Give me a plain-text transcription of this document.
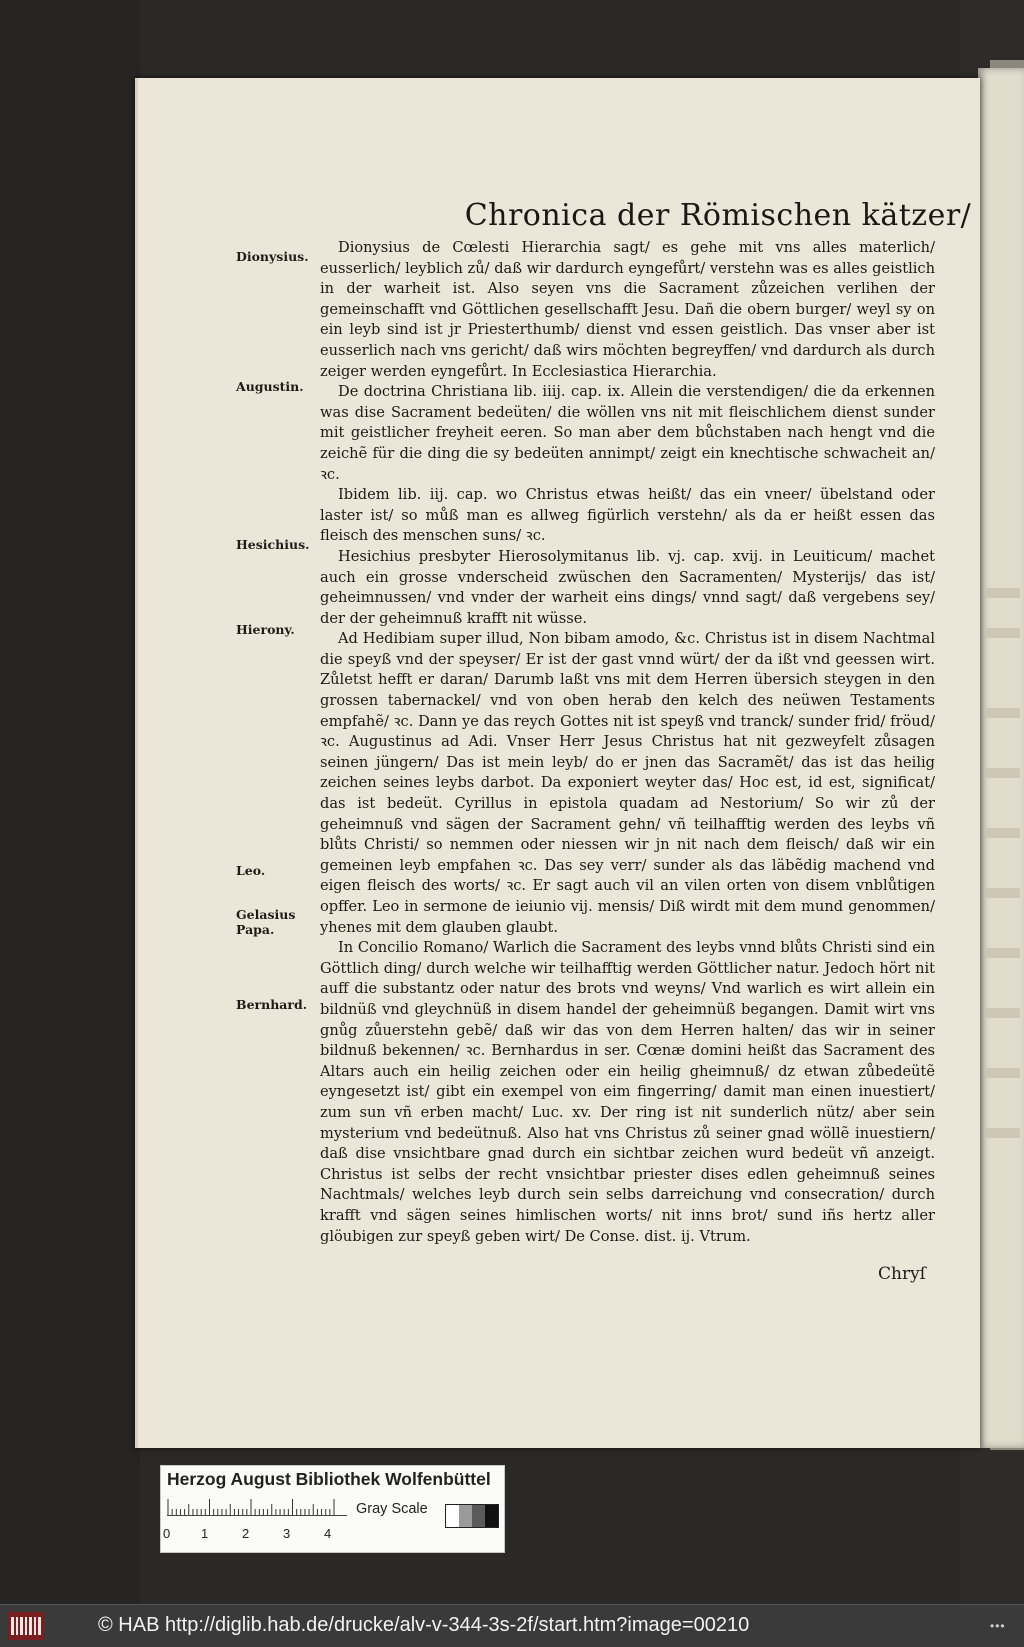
Chronica der Römischen kätzer/
Dionysius.
Augustin.
Hesichius.
Hierony.
Leo.
Gelasius
Papa.
Bernhard.

Dionysius de Cœlesti Hierarchia sagt/ es gehe mit vns alles materlich/ eusserlich/ leyblich zů/ daß wir dardurch eyngefůrt/ verstehn was es alles geistlich in der warheit ist. Also seyen vns die Sacrament zůzeichen verlihen der gemeinschafft vnd Göttlichen gesellschafft Jesu. Dañ die obern burger/ weyl sy on ein leyb sind ist jr Priesterthumb/ dienst vnd essen geistlich. Das vnser aber ist eusserlich nach vns gericht/ daß wirs möchten begreyffen/ vnd dardurch als durch zeiger werden eyngefůrt. In Ecclesiastica Hierarchia.

De doctrina Christiana lib. iiij. cap. ix. Allein die verstendigen/ die da erkennen was dise Sacrament bedeüten/ die wöllen vns nit mit fleischlichem dienst sunder mit geistlicher freyheit eeren. So man aber dem bůchstaben nach hengt vnd die zeichẽ für die ding die sy bedeüten annimpt/ zeigt ein knechtische schwacheit an/ ꝛc.

Ibidem lib. iij. cap. wo Christus etwas heißt/ das ein vneer/ übelstand oder laster ist/ so můß man es allweg figürlich verstehn/ als da er heißt essen das fleisch des menschen suns/ ꝛc.

Hesichius presbyter Hierosolymitanus lib. vj. cap. xvij. in Leuiticum/ machet auch ein grosse vnderscheid zwüschen den Sacramenten/ Mysterijs/ das ist/ geheimnussen/ vnd vnder der warheit eins dings/ vnnd sagt/ daß vergebens sey/ der der geheimnuß krafft nit wüsse.

Ad Hedibiam super illud, Non bibam amodo, &c. Christus ist in disem Nachtmal die speyß vnd der speyser/ Er ist der gast vnnd würt/ der da ißt vnd geessen wirt. Zůletst hefft er daran/ Darumb laßt vns mit dem Herren übersich steygen in den grossen tabernackel/ vnd von oben herab den kelch des neüwen Testaments empfahẽ/ ꝛc. Dann ye das reych Gottes nit ist speyß vnd tranck/ sunder frid/ fröud/ ꝛc. Augustinus ad Adi. Vnser Herr Jesus Christus hat nit gezweyfelt zůsagen seinen jüngern/ Das ist mein leyb/ do er jnen das Sacramẽt/ das ist das heilig zeichen seines leybs darbot. Da exponiert weyter das/ Hoc est, id est, significat/ das ist bedeüt. Cyrillus in epistola quadam ad Nestorium/ So wir zů der geheimnuß vnd sägen der Sacrament gehn/ vñ teilhafftig werden des leybs vñ blůts Christi/ so nemmen oder niessen wir jn nit nach dem fleisch/ daß wir ein gemeinen leyb empfahen ꝛc. Das sey verr/ sunder als das läbẽdig machend vnd eigen fleisch des worts/ ꝛc. Er sagt auch vil an vilen orten von disem vnblůtigen opffer. Leo in sermone de ieiunio vij. mensis/ Diß wirdt mit dem mund genommen/ yhenes mit dem glauben glaubt.

In Concilio Romano/ Warlich die Sacrament des leybs vnnd blůts Christi sind ein Göttlich ding/ durch welche wir teilhafftig werden Göttlicher natur. Jedoch hört nit auff die substantz oder natur des brots vnd weyns/ Vnd warlich es wirt allein ein bildnüß vnd gleychnüß in disem handel der geheimnüß begangen. Damit wirt vns gnůg zůuerstehn gebẽ/ daß wir das von dem Herren halten/ das wir in seiner bildnuß bekennen/ ꝛc. Bernhardus in ser. Cœnæ domini heißt das Sacrament des Altars auch ein heilig zeichen oder ein heilig gheimnuß/ dz etwan zůbedeütẽ eyngesetzt ist/ gibt ein exempel von eim fingerring/ damit man einen inuestiert/ zum sun vñ erben macht/ Luc. xv. Der ring ist nit sunderlich nütz/ aber sein mysterium vnd bedeütnuß. Also hat vns Christus zů seiner gnad wöllẽ inuestiern/ daß dise vnsichtbare gnad durch ein sichtbar zeichen wurd bedeüt vñ anzeigt. Christus ist selbs der recht vnsichtbar priester dises edlen geheimnuß seines Nachtmals/ welches leyb durch sein selbs darreichung vnd consecration/ durch krafft vnd sägen seines himlischen worts/ nit inns brot/ sund iñs hertz aller glöubigen zur speyß geben wirt/ De Conse. dist. ij. Vtrum.

Chryſ
Herzog August Bibliothek Wolfenbüttel
0 1	2	3	4
Gray Scale
© HAB http://diglib.hab.de/drucke/alv-v-344-3s-2f/start.htm?image=00210	•••
